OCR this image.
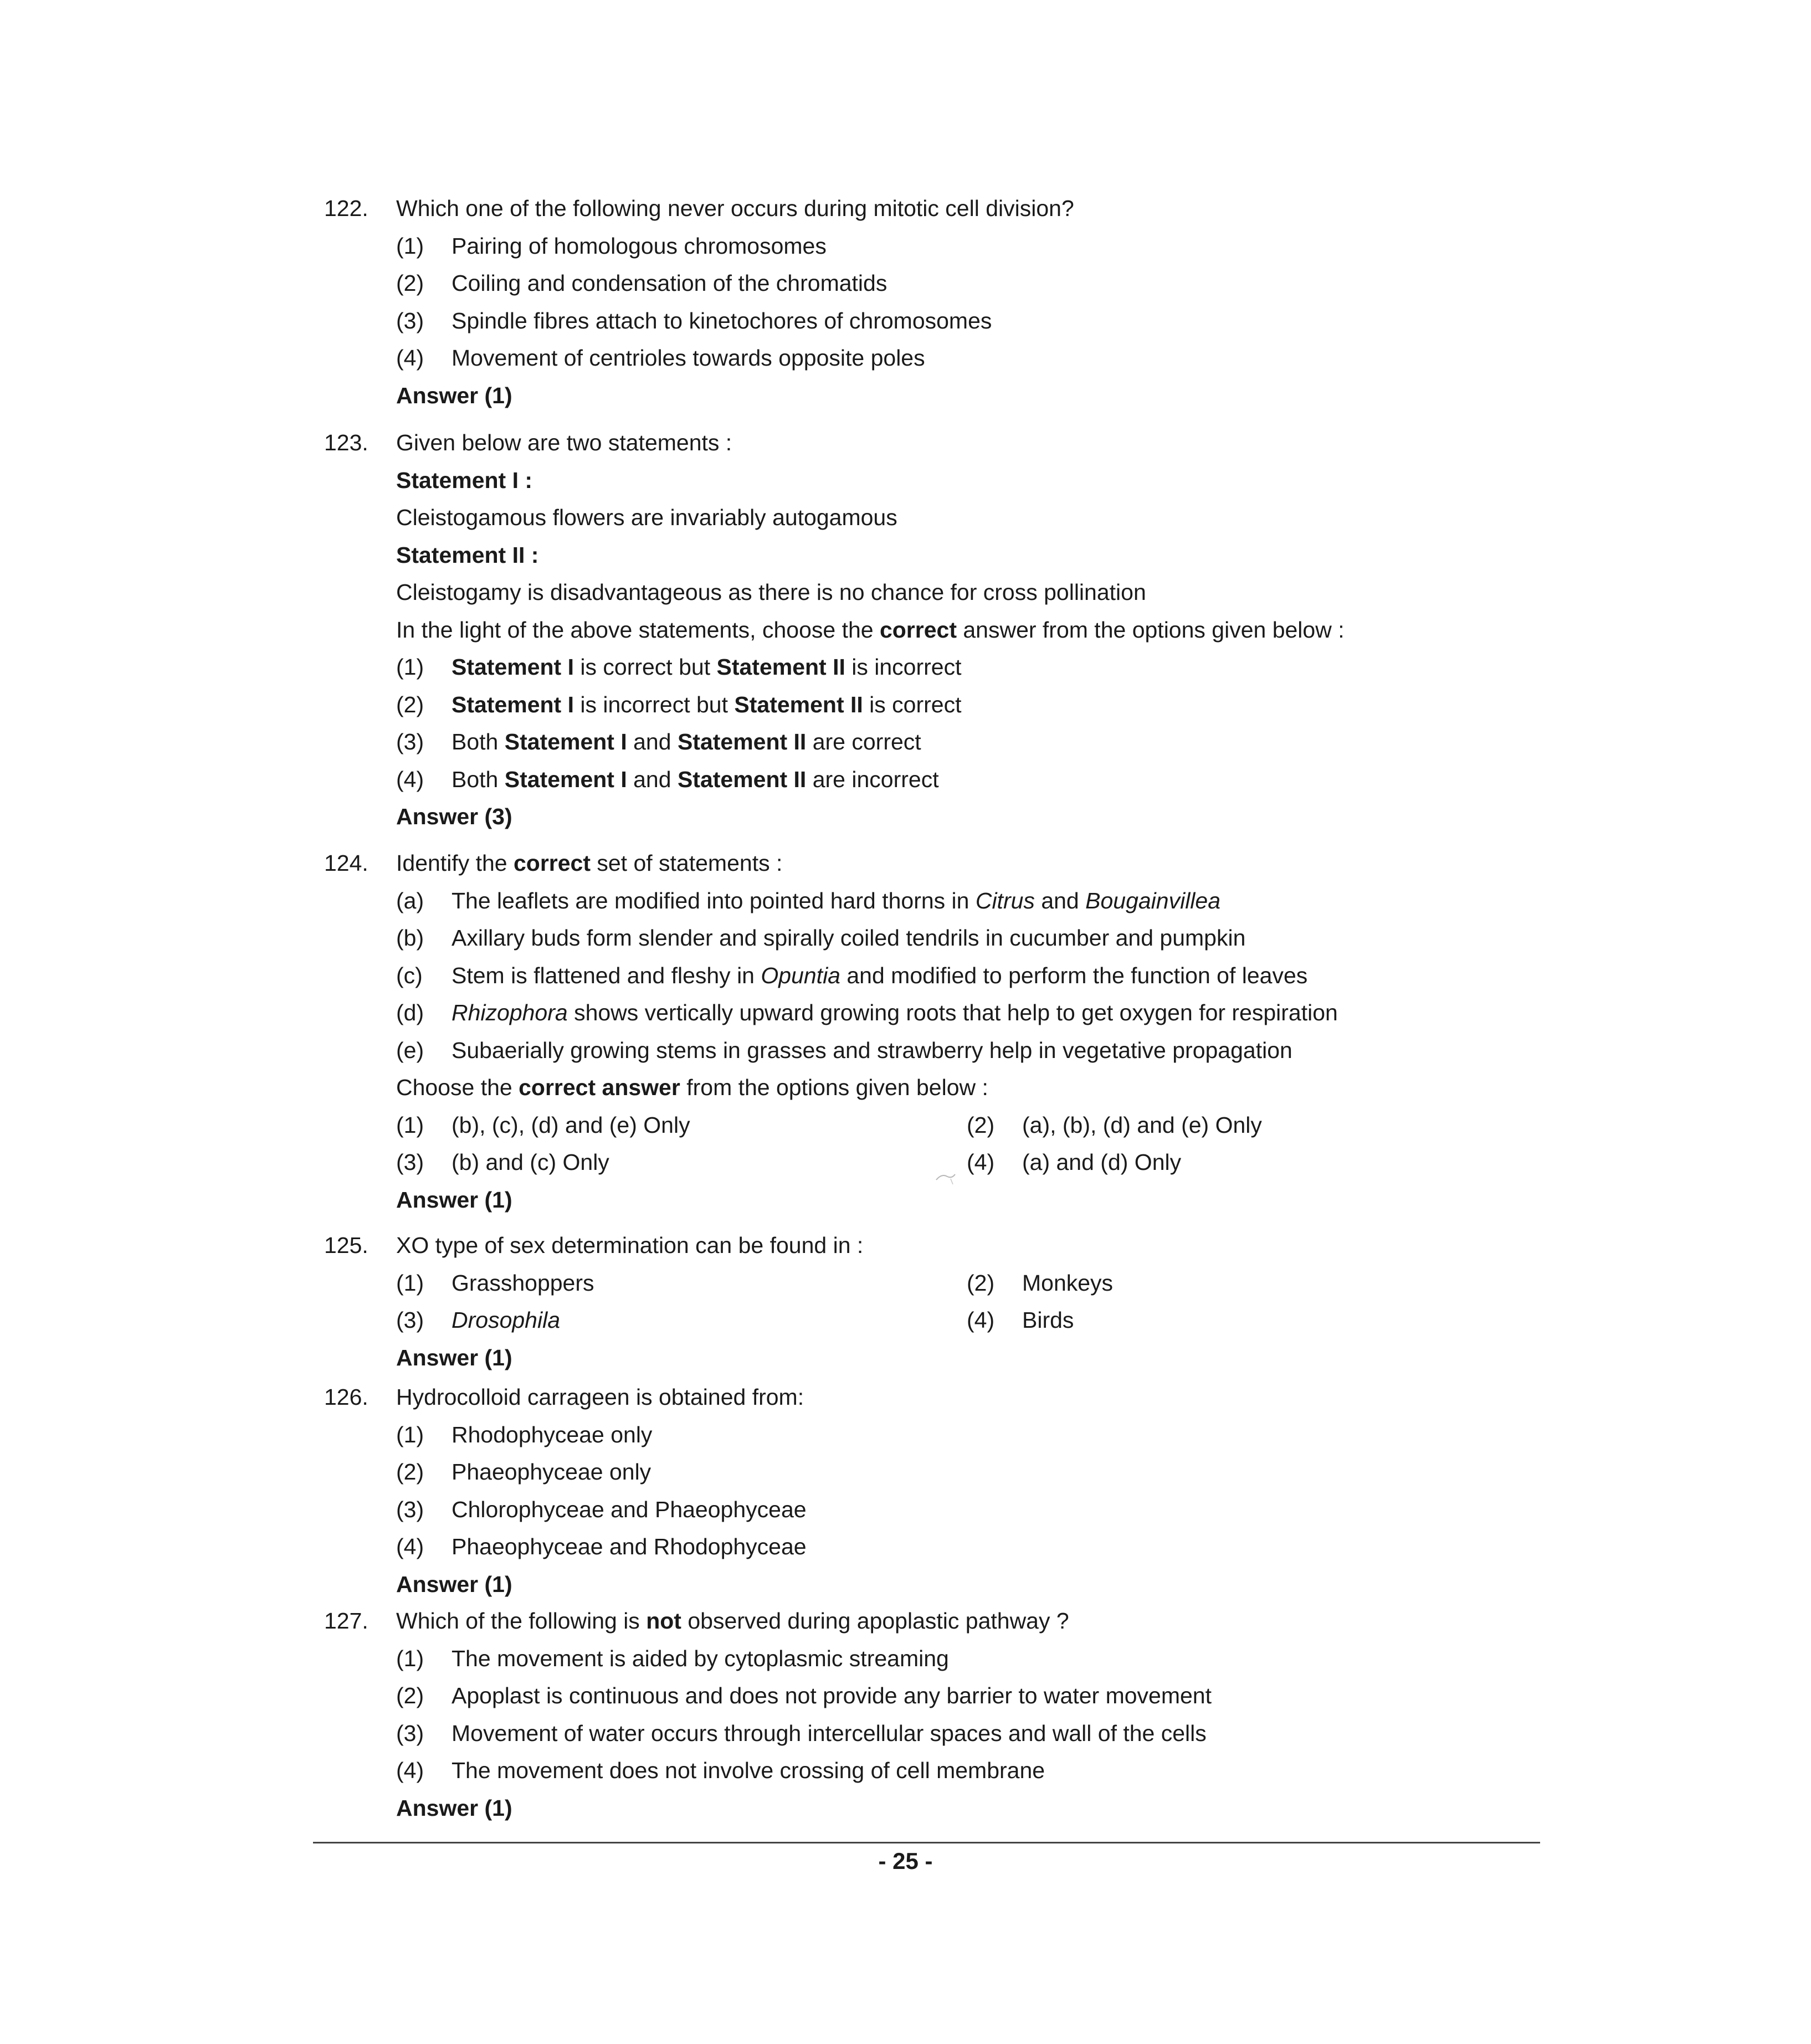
122. Which one of the following never occurs during mitotic cell division?
(1) Pairing of homologous chromosomes
(2) Coiling and condensation of the chromatids
(3) Spindle fibres attach to kinetochores of chromosomes
(4) Movement of centrioles towards opposite poles
Answer (1)
123. Given below are two statements :
Statement I :
Cleistogamous flowers are invariably autogamous
Statement II :
Cleistogamy is disadvantageous as there is no chance for cross pollination
In the light of the above statements, choose the correct answer from the options given below :
(1) Statement I is correct but Statement II is incorrect
(2) Statement I is incorrect but Statement II is correct
(3) Both Statement I and Statement II are correct
(4) Both Statement I and Statement II are incorrect
Answer (3)
124. Identify the correct set of statements :
(a) The leaflets are modified into pointed hard thorns in Citrus and Bougainvillea
(b) Axillary buds form slender and spirally coiled tendrils in cucumber and pumpkin
(c) Stem is flattened and fleshy in Opuntia and modified to perform the function of leaves
(d) Rhizophora shows vertically upward growing roots that help to get oxygen for respiration
(e) Subaerially growing stems in grasses and strawberry help in vegetative propagation
Choose the correct answer from the options given below :
(1) (b), (c), (d) and (e) Only	(2) (a), (b), (d) and (e) Only
(3) (b) and (c) Only	(4) (a) and (d) Only
Answer (1)
125. XO type of sex determination can be found in :
(1) Grasshoppers	(2) Monkeys
(3) Drosophila	(4) Birds
Answer (1)
126. Hydrocolloid carrageen is obtained from:
(1) Rhodophyceae only
(2) Phaeophyceae only
(3) Chlorophyceae and Phaeophyceae
(4) Phaeophyceae and Rhodophyceae
Answer (1)
127. Which of the following is not observed during apoplastic pathway ?
(1) The movement is aided by cytoplasmic streaming
(2) Apoplast is continuous and does not provide any barrier to water movement
(3) Movement of water occurs through intercellular spaces and wall of the cells
(4) The movement does not involve crossing of cell membrane
Answer (1)
- 25 -
